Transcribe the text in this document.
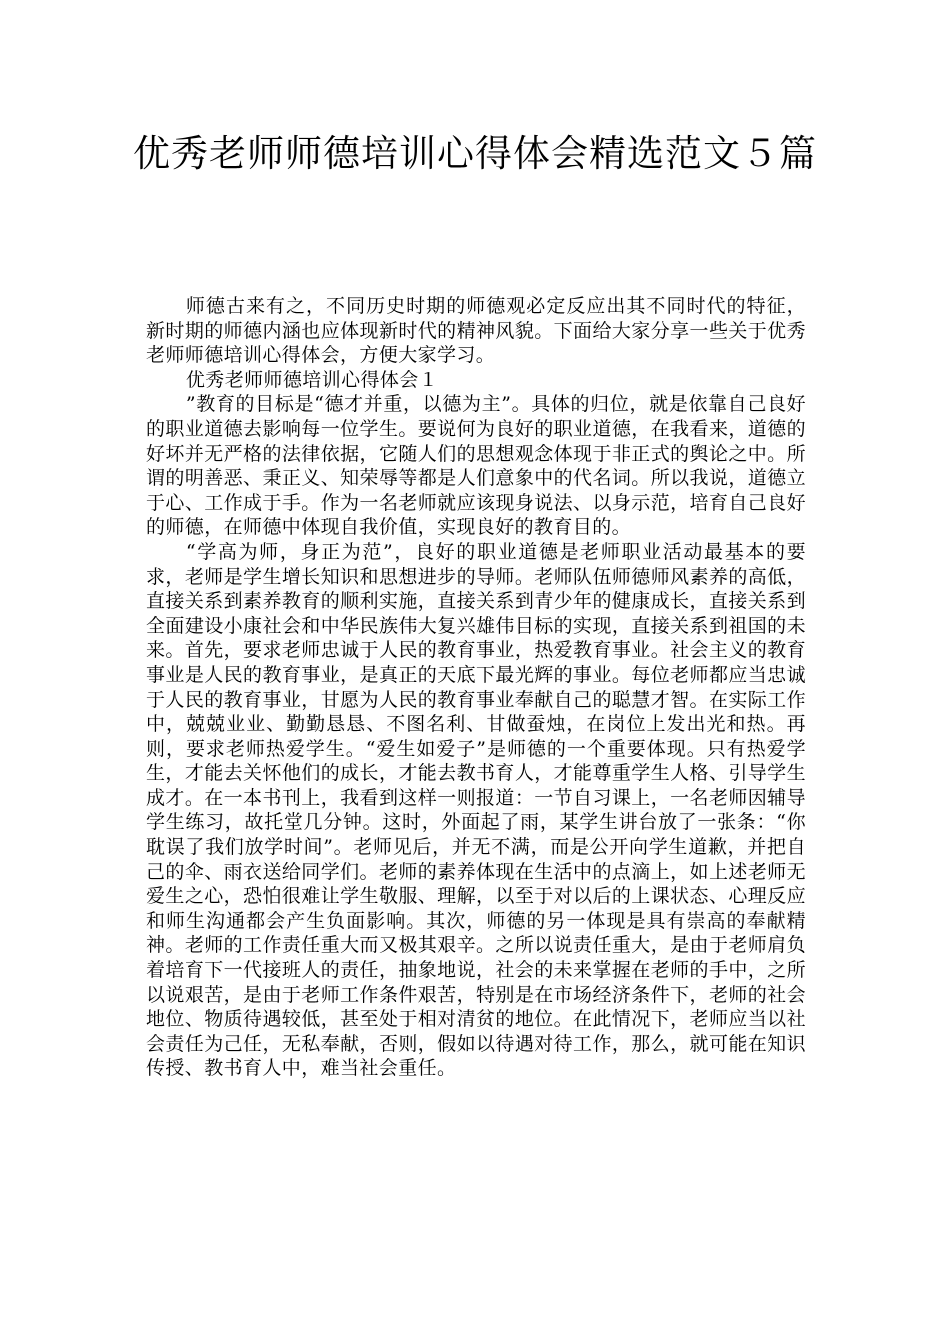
优秀老师师德培训心得体会精选范文５篇

师德古来有之，不同历史时期的师德观必定反应出其不同时代的特征，新时期的师德内涵也应体现新时代的精神风貌。下面给大家分享一些关于优秀老师师德培训心得体会，方便大家学习。

优秀老师师德培训心得体会１

”教育的目标是“德才并重，以德为主”。具体的归位，就是依靠自己良好的职业道德去影响每一位学生。要说何为良好的职业道德，在我看来，道德的好坏并无严格的法律依据，它随人们的思想观念体现于非正式的舆论之中。所谓的明善恶、秉正义、知荣辱等都是人们意象中的代名词。所以我说，道德立于心、工作成于手。作为一名老师就应该现身说法、以身示范，培育自己良好的师德，在师德中体现自我价值，实现良好的教育目的。

“学高为师，身正为范”，良好的职业道德是老师职业活动最基本的要求，老师是学生增长知识和思想进步的导师。老师队伍师德师风素养的高低，直接关系到素养教育的顺利实施，直接关系到青少年的健康成长，直接关系到全面建设小康社会和中华民族伟大复兴雄伟目标的实现，直接关系到祖国的未来。首先，要求老师忠诚于人民的教育事业，热爱教育事业。社会主义的教育事业是人民的教育事业，是真正的天底下最光辉的事业。每位老师都应当忠诚于人民的教育事业，甘愿为人民的教育事业奉献自己的聪慧才智。在实际工作中，兢兢业业、勤勤恳恳、不图名利、甘做蚕烛，在岗位上发出光和热。再则，要求老师热爱学生。“爱生如爱子”是师德的一个重要体现。只有热爱学生，才能去关怀他们的成长，才能去教书育人，才能尊重学生人格、引导学生成才。在一本书刊上，我看到这样一则报道：一节自习课上，一名老师因辅导学生练习，故托堂几分钟。这时，外面起了雨，某学生讲台放了一张条：“你耽误了我们放学时间”。老师见后，并无不满，而是公开向学生道歉，并把自己的伞、雨衣送给同学们。老师的素养体现在生活中的点滴上，如上述老师无爱生之心，恐怕很难让学生敬服、理解，以至于对以后的上课状态、心理反应和师生沟通都会产生负面影响。其次，师德的另一体现是具有崇高的奉献精神。老师的工作责任重大而又极其艰辛。之所以说责任重大，是由于老师肩负着培育下一代接班人的责任，抽象地说，社会的未来掌握在老师的手中，之所以说艰苦，是由于老师工作条件艰苦，特别是在市场经济条件下，老师的社会地位、物质待遇较低，甚至处于相对清贫的地位。在此情况下，老师应当以社会责任为己任，无私奉献，否则，假如以待遇对待工作，那么，就可能在知识传授、教书育人中，难当社会重任。
